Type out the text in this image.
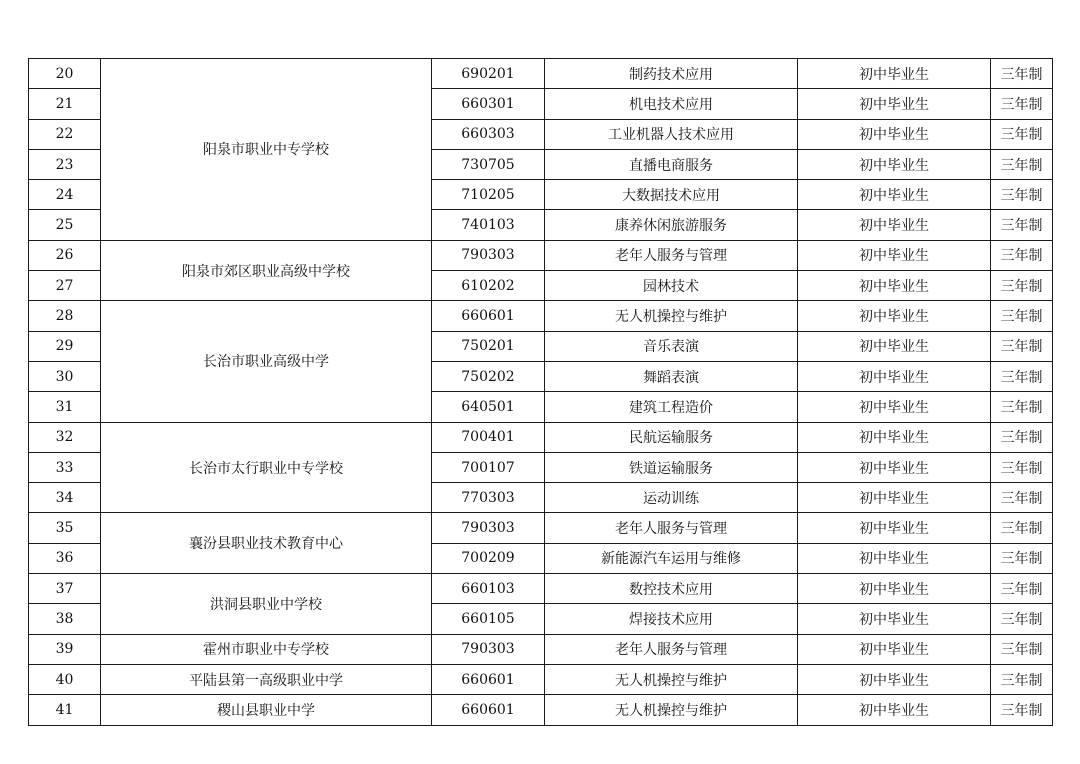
20	阳泉市职业中专学校	690201	制药技术应用	初中毕业生	三年制
21		660301	机电技术应用	初中毕业生	三年制
22		660303	工业机器人技术应用	初中毕业生	三年制
23		730705	直播电商服务	初中毕业生	三年制
24		710205	大数据技术应用	初中毕业生	三年制
25		740103	康养休闲旅游服务	初中毕业生	三年制
26	阳泉市郊区职业高级中学校	790303	老年人服务与管理	初中毕业生	三年制
27		610202	园林技术	初中毕业生	三年制
28	长治市职业高级中学	660601	无人机操控与维护	初中毕业生	三年制
29		750201	音乐表演	初中毕业生	三年制
30		750202	舞蹈表演	初中毕业生	三年制
31		640501	建筑工程造价	初中毕业生	三年制
32	长治市太行职业中专学校	700401	民航运输服务	初中毕业生	三年制
33		700107	铁道运输服务	初中毕业生	三年制
34		770303	运动训练	初中毕业生	三年制
35	襄汾县职业技术教育中心	790303	老年人服务与管理	初中毕业生	三年制
36		700209	新能源汽车运用与维修	初中毕业生	三年制
37	洪洞县职业中学校	660103	数控技术应用	初中毕业生	三年制
38		660105	焊接技术应用	初中毕业生	三年制
39	霍州市职业中专学校	790303	老年人服务与管理	初中毕业生	三年制
40	平陆县第一高级职业中学	660601	无人机操控与维护	初中毕业生	三年制
41	稷山县职业中学	660601	无人机操控与维护	初中毕业生	三年制
